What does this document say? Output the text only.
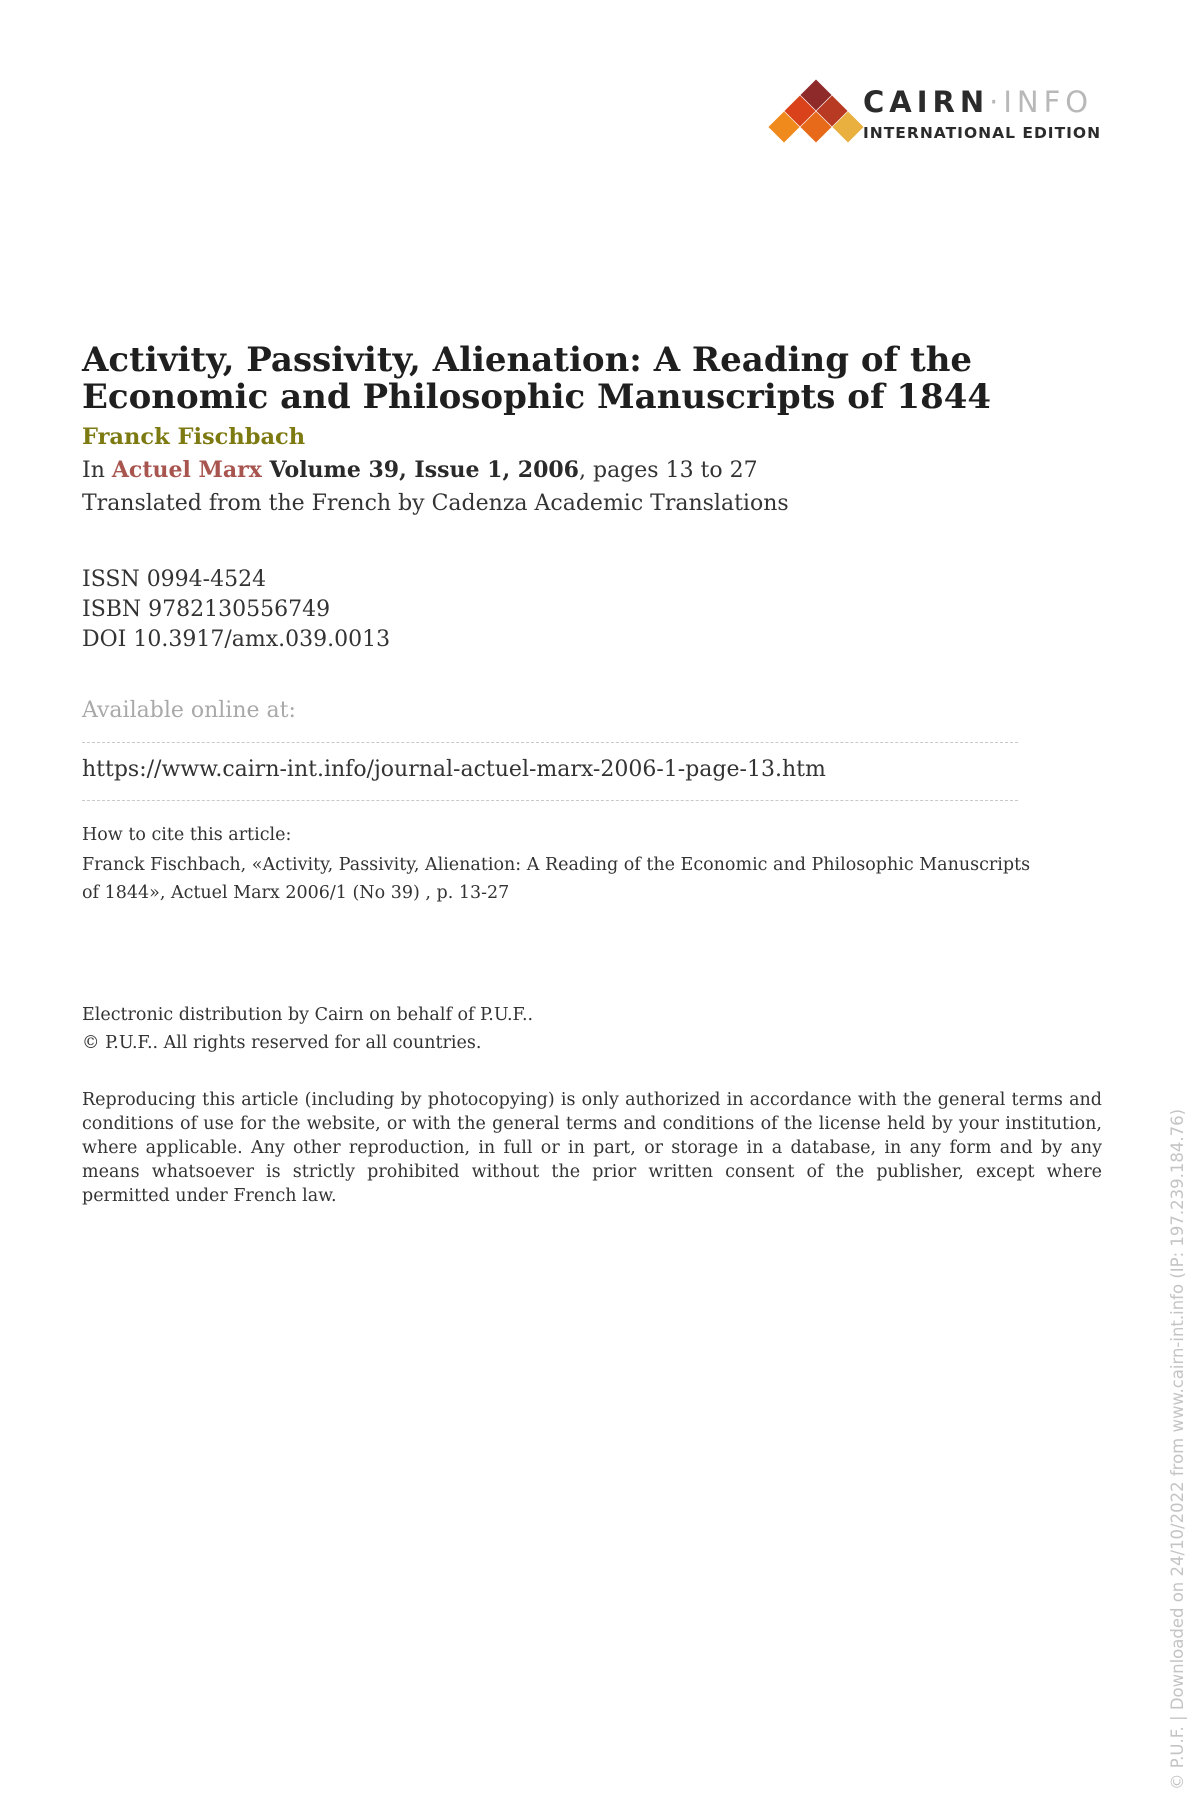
CAIRN·INFO
INTERNATIONAL EDITION
Activity, Passivity, Alienation: A Reading of the Economic and Philosophic Manuscripts of 1844
Franck Fischbach
In Actuel Marx Volume 39, Issue 1, 2006, pages 13 to 27
Translated from the French by Cadenza Academic Translations
ISSN 0994-4524
ISBN 9782130556749
DOI 10.3917/amx.039.0013
Available online at:
https://www.cairn-int.info/journal-actuel-marx-2006-1-page-13.htm
How to cite this article:
Franck Fischbach, «Activity, Passivity, Alienation: A Reading of the Economic and Philosophic Manuscripts of 1844», Actuel Marx 2006/1 (No 39) , p. 13-27
Electronic distribution by Cairn on behalf of P.U.F..
© P.U.F.. All rights reserved for all countries.
Reproducing this article (including by photocopying) is only authorized in accordance with the general terms and conditions of use for the website, or with the general terms and conditions of the license held by your institution, where applicable. Any other reproduction, in full or in part, or storage in a database, in any form and by any means whatsoever is strictly prohibited without the prior written consent of the publisher, except where permitted under French law.	© P.U.F. | Downloaded on 24/10/2022 from www.cairn-int.info (IP: 197.239.184.76)
